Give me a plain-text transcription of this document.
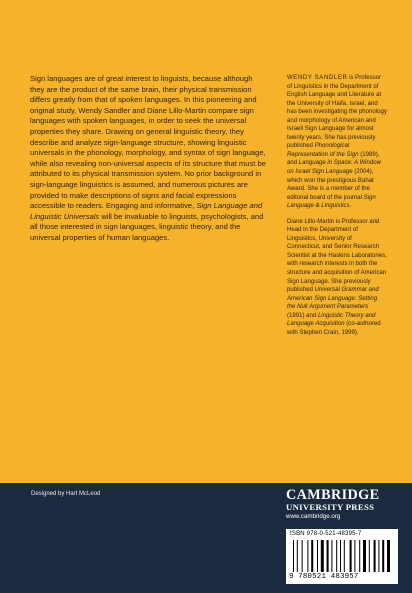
Sign languages are of great interest to linguists, because although they are the product of the same brain, their physical transmission differs greatly from that of spoken languages. In this pioneering and original study, Wendy Sandler and Diane Lillo-Martin compare sign languages with spoken languages, in order to seek the universal properties they share. Drawing on general linguistic theory, they describe and analyze sign-language structure, showing linguistic universals in the phonology, morphology, and syntax of sign language, while also revealing non-universal aspects of its structure that must be attributed to its physical transmission system. No prior background in sign-language linguistics is assumed, and numerous pictures are provided to make descriptions of signs and facial expressions accessible to readers. Engaging and informative, Sign Language and Linguistic Universals will be invaluable to linguists, psychologists, and all those interested in sign languages, linguistic theory, and the universal properties of human languages.

WENDY SANDLER is Professor of Linguistics in the Department of English Language and Literature at the University of Haifa, Israel, and has been investigating the phonology and morphology of American and Israeli Sign Language for almost twenty years. She has previously published Phonological Representation of the Sign (1989), and Language in Space: A Window on Israel Sign Language (2004), which won the prestigious Bahat Award. She is a member of the editorial board of the journal Sign Language & Linguistics.

Diane Lillo-Martin is Professor and Head in the Department of Linguistics, University of Connecticut, and Senior Research Scientist at the Haskins Laboratories, with research interests in both the structure and acquisition of American Sign Language. She previously published Universal Grammar and American Sign Language: Setting the Null Argument Parameters (1991) and Linguistic Theory and Language Acquisition (co-authored with Stephen Crain, 1999).

Designed by Hart McLeod	CAMBRIDGE
UNIVERSITY PRESS
www.cambridge.org
ISBN 978-0-521-48395-7
9 780521 483957
